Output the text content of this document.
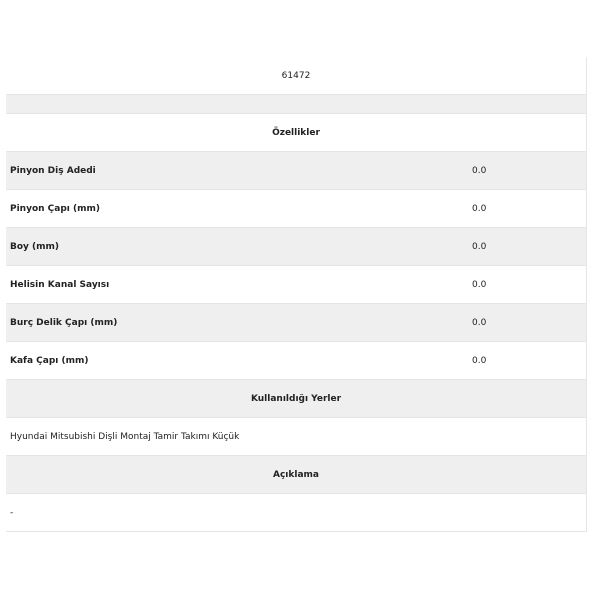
61472
Özellikler
Pinyon Diş Adedi	0.0
Pinyon Çapı (mm)	0.0
Boy (mm)	0.0
Helisin Kanal Sayısı	0.0
Burç Delik Çapı (mm)	0.0
Kafa Çapı (mm)	0.0
Kullanıldığı Yerler
Hyundai Mitsubishi Dişli Montaj Tamir Takımı Küçük
Açıklama
-
